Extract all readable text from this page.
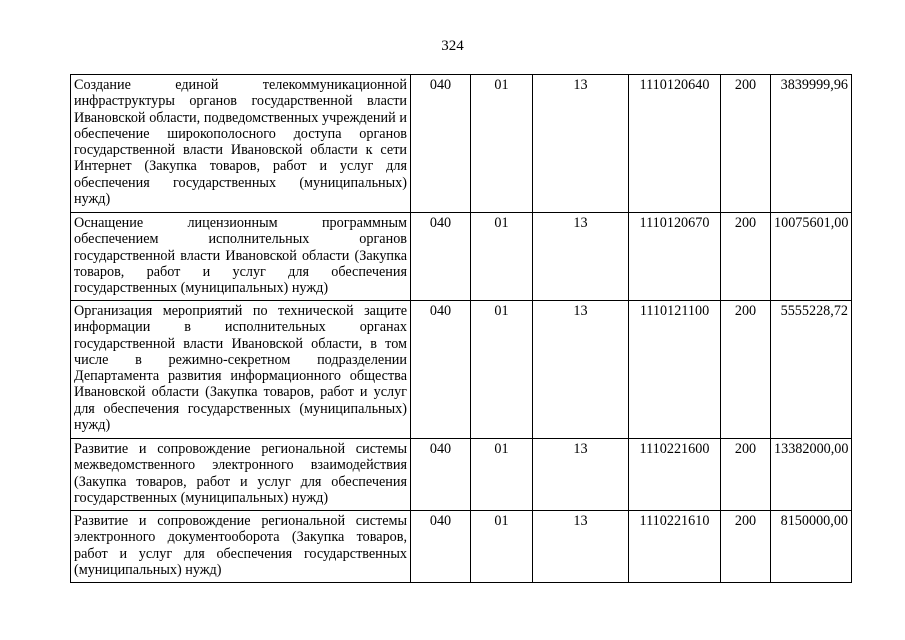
324
Создание единой телекоммуникационной инфраструктуры органов государственной власти Ивановской области, подведомственных учреждений и обеспечение широкополосного доступа органов государственной власти Ивановской области к сети Интернет (Закупка товаров, работ и услуг для обеспечения государственных (муниципальных) нужд)	040	01	13	1110120640	200	3839999,96
Оснащение лицензионным программным обеспечением исполнительных органов государственной власти Ивановской области (Закупка товаров, работ и услуг для обеспечения государственных (муниципальных) нужд)	040	01	13	1110120670	200	10075601,00
Организация мероприятий по технической защите информации в исполнительных органах государственной власти Ивановской области, в том числе в режимно-секретном подразделении Департамента развития информационного общества Ивановской области (Закупка товаров, работ и услуг для обеспечения государственных (муниципальных) нужд)	040	01	13	1110121100	200	5555228,72
Развитие и сопровождение региональной системы межведомственного электронного взаимодействия (Закупка товаров, работ и услуг для обеспечения государственных (муниципальных) нужд)	040	01	13	1110221600	200	13382000,00
Развитие и сопровождение региональной системы электронного документооборота (Закупка товаров, работ и услуг для обеспечения государственных (муниципальных) нужд)	040	01	13	1110221610	200	8150000,00
